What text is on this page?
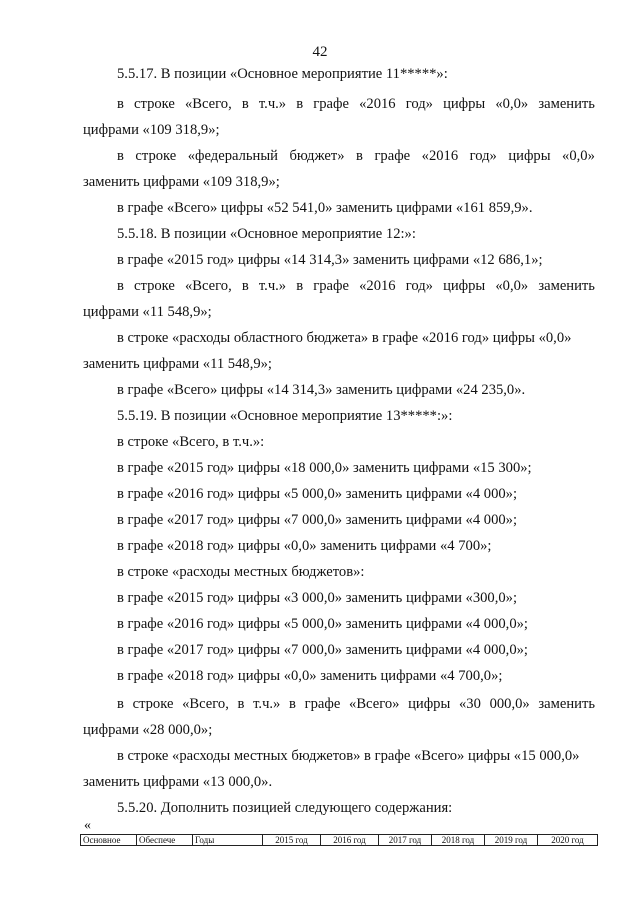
42
5.5.17. В позиции «Основное мероприятие 11*****»:
в строке «Всего, в т.ч.» в графе «2016 год» цифры «0,0» заменить
цифрами «109 318,9»;
в строке «федеральный бюджет» в графе «2016 год» цифры «0,0»
заменить цифрами «109 318,9»;
в графе «Всего» цифры «52 541,0» заменить цифрами «161 859,9».
5.5.18. В позиции «Основное мероприятие 12:»:
в графе «2015 год» цифры «14 314,3» заменить цифрами «12 686,1»;
в строке «Всего, в т.ч.» в графе «2016 год» цифры «0,0» заменить
цифрами «11 548,9»;
в строке «расходы областного бюджета» в графе «2016 год» цифры «0,0»
заменить цифрами «11 548,9»;
в графе «Всего» цифры «14 314,3» заменить цифрами «24 235,0».
5.5.19. В позиции «Основное мероприятие 13*****:»:
в строке «Всего, в т.ч.»:
в графе «2015 год» цифры «18 000,0» заменить цифрами «15 300»;
в графе «2016 год» цифры «5 000,0» заменить цифрами «4 000»;
в графе «2017 год» цифры «7 000,0» заменить цифрами «4 000»;
в графе «2018 год» цифры «0,0» заменить цифрами «4 700»;
в строке «расходы местных бюджетов»:
в графе «2015 год» цифры «3 000,0» заменить цифрами «300,0»;
в графе «2016 год» цифры «5 000,0» заменить цифрами «4 000,0»;
в графе «2017 год» цифры «7 000,0» заменить цифрами «4 000,0»;
в графе «2018 год» цифры «0,0» заменить цифрами «4 700,0»;
в строке «Всего, в т.ч.» в графе «Всего» цифры «30 000,0» заменить
цифрами «28 000,0»;
в строке «расходы местных бюджетов» в графе «Всего» цифры «15 000,0»
заменить цифрами «13 000,0».
5.5.20. Дополнить позицией следующего содержания:
«
Основное	Обеспече	Годы	2015 год	2016 год	2017 год	2018 год	2019 год	2020 год
